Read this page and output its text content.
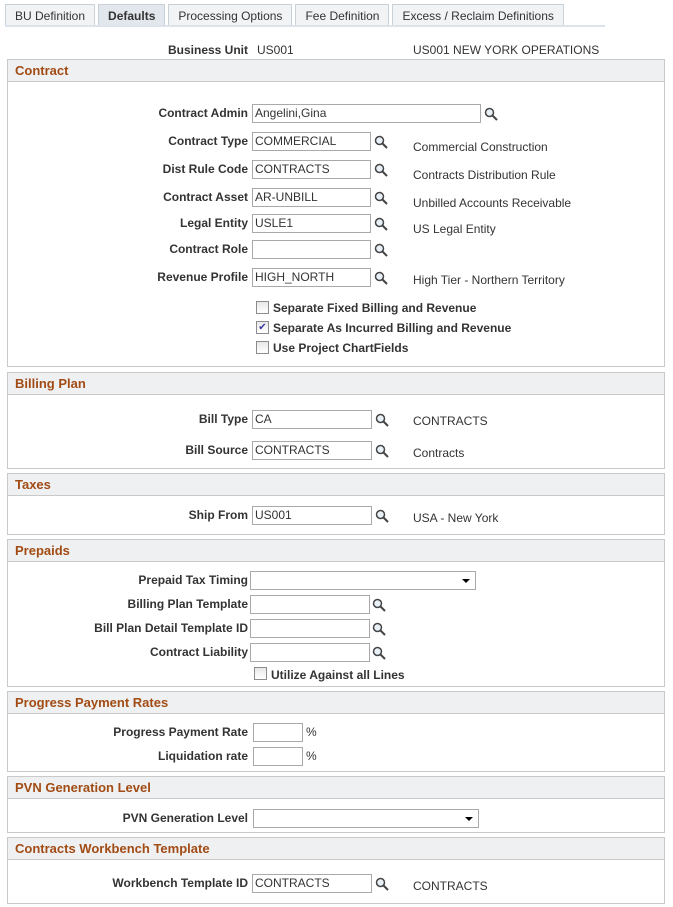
BU Definition	Defaults	Processing Options	Fee Definition	Excess / Reclaim Definitions
Business Unit US001	US001 NEW YORK OPERATIONS
Contract
Contract Admin Angelini,Gina
Contract Type COMMERCIAL	Commercial Construction
Dist Rule Code CONTRACTS	Contracts Distribution Rule
Contract Asset AR-UNBILL	Unbilled Accounts Receivable
Legal Entity USLE1	US Legal Entity
Contract Role
Revenue Profile HIGH_NORTH	High Tier - Northern Territory
Separate Fixed Billing and Revenue
✔ Separate As Incurred Billing and Revenue
Use Project ChartFields
Billing Plan
Bill Type CA	CONTRACTS
Bill Source CONTRACTS	Contracts
Taxes
Ship From US001	USA - New York
Prepaids
Prepaid Tax Timing
Billing Plan Template
Bill Plan Detail Template ID
Contract Liability
Utilize Against all Lines
Progress Payment Rates
Progress Payment Rate	%
Liquidation rate	%
PVN Generation Level
PVN Generation Level
Contracts Workbench Template
Workbench Template ID CONTRACTS	CONTRACTS
